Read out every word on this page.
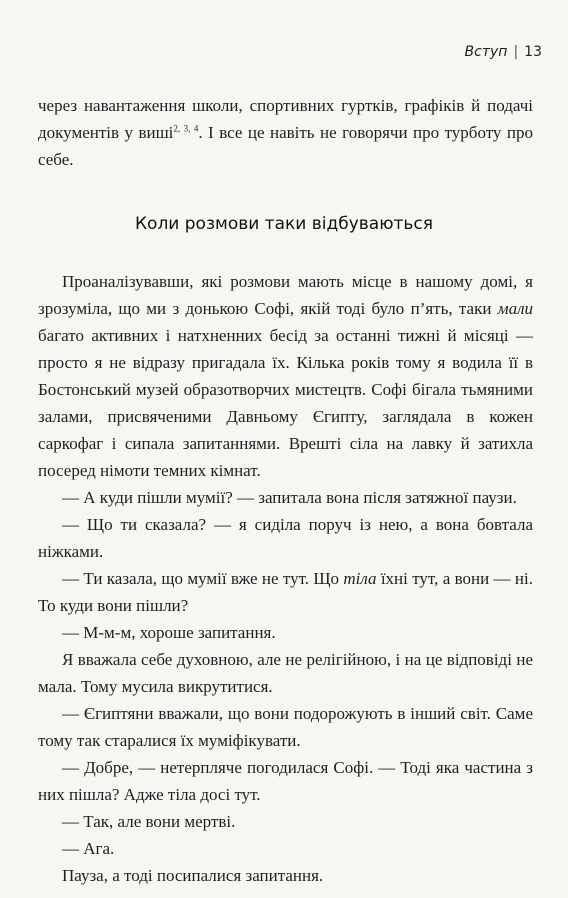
Вступ | 13
через навантаження школи, спортивних гуртків, графіків й подачі документів у виші$^{2, 3, 4}$. І все це навіть не говорячи про турботу про себе.
Коли розмови таки відбуваються

Проаналізувавши, які розмови мають місце в нашому домі, я зрозуміла, що ми з донькою Софі, якій тоді було п’ять, таки мали багато активних і натхненних бесід за останні тижні й місяці — просто я не відразу пригадала їх. Кілька років тому я водила її в Бостонський музей образотворчих мистецтв. Софі бігала тьмяними залами, присвяченими Давньому Єгипту, заглядала в кожен саркофаг і сипала запитаннями. Врешті сіла на лавку й затихла посеред німоти темних кімнат.

— А куди пішли мумії? — запитала вона після затяжної паузи.

— Що ти сказала? — я сиділа поруч із нею, а вона бовтала ніжками.

— Ти казала, що мумії вже не тут. Що тіла їхні тут, а вони — ні. То куди вони пішли?

— М-м-м, хороше запитання.

Я вважала себе духовною, але не релігійною, і на це відповіді не мала. Тому мусила викрутитися.

— Єгиптяни вважали, що вони подорожують в інший світ. Саме тому так старалися їх муміфікувати.

— Добре, — нетерпляче погодилася Софі. — Тоді яка частина з них пішла? Адже тіла досі тут.

— Так, але вони мертві.

— Ага.

Пауза, а тоді посипалися запитання.
